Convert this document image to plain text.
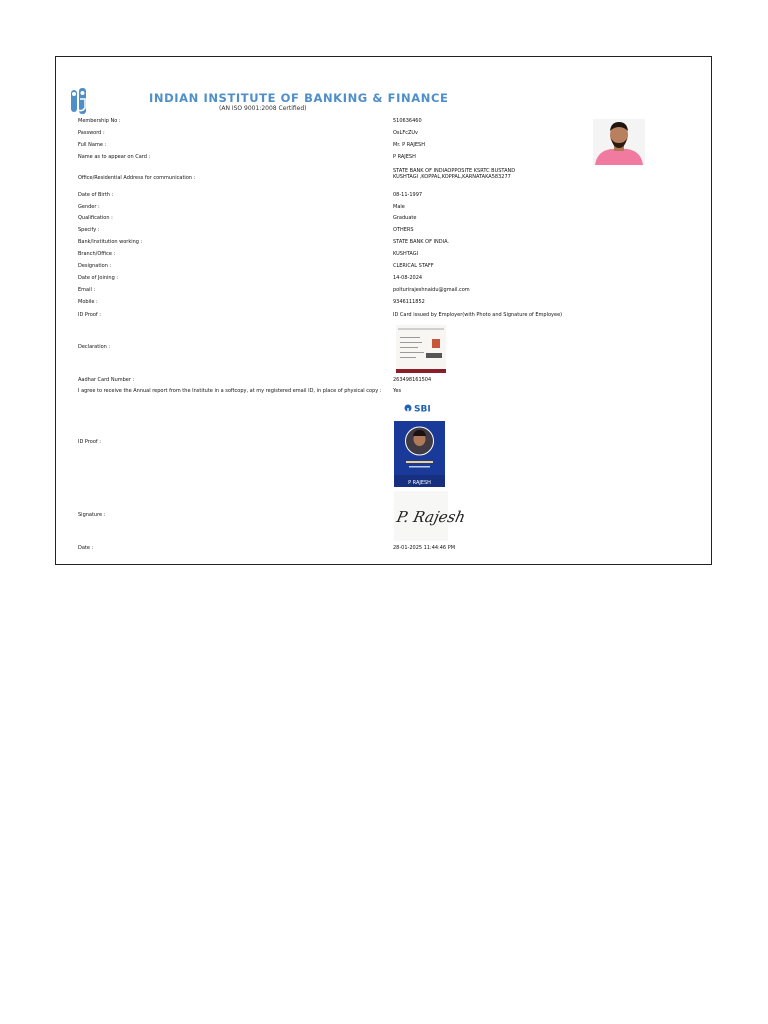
INDIAN INSTITUTE OF BANKING & FINANCE
(AN ISO 9001:2008 Certified)
Membership No :	510636460
Password :	OsLFcZUv
Full Name :	Mr. P RAJESH
Name as to appear on Card :	P RAJESH
Office/Residential Address for communication :
STATE BANK OF INDIAOPPOSITE KSRTC BUSTAND KUSHTAGI ,KOPPAL,KOPPAL,KARNATAKA583277
Date of Birth :	08-11-1997
Gender :	Male
Qualification :	Graduate
Specify :	OTHERS
Bank/Institution working :	STATE BANK OF INDIA.
Branch/Office :	KUSHTAGI
Designation :	CLERICAL STAFF
Date of Joining :	14-08-2024
Email :	polturirajeshnaidu@gmail.com
Mobile :	9346111852
ID Proof :	ID Card issued by Employer(with Photo and Signature of Employee)
Declaration :
Aadhar Card Number :	263498161504
I agree to receive the Annual report from the Institute in a softcopy, at my registered email ID, in place of physical copy :	Yes
ID Proof :
Signature :
Date :	28-01-2025 11:44:46 PM
SBI
P RAJESH
P. Rajesh
